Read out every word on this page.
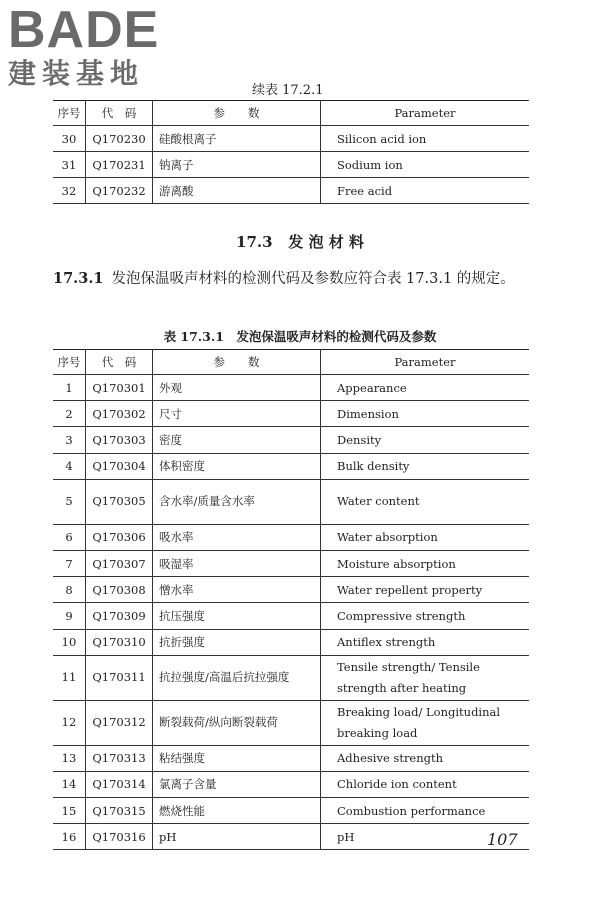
BADE
建装基地
续表 17.2.1
序号	代　码	参　　数	Parameter
30	Q170230	硅酸根离子	Silicon acid ion
31	Q170231	钠离子	Sodium ion
32	Q170232	游离酸	Free acid
17.3 发 泡 材 料
17.3.1 发泡保温吸声材料的检测代码及参数应符合表 17.3.1 的规定。
表 17.3.1　发泡保温吸声材料的检测代码及参数
序号	代　码	参　　数	Parameter
1	Q170301	外观	Appearance
2	Q170302	尺寸	Dimension
3	Q170303	密度	Density
4	Q170304	体积密度	Bulk density
5	Q170305	含水率/质量含水率	Water content
6	Q170306	吸水率	Water absorption
7	Q170307	吸湿率	Moisture absorption
8	Q170308	憎水率	Water repellent property
9	Q170309	抗压强度	Compressive strength
10	Q170310	抗折强度	Antiflex strength
11	Q170311	抗拉强度/高温后抗拉强度	Tensile strength/ Tensile strength after heating
12	Q170312	断裂载荷/纵向断裂载荷	Breaking load/ Longitudinal breaking load
13	Q170313	粘结强度	Adhesive strength
14	Q170314	氯离子含量	Chloride ion content
15	Q170315	燃烧性能	Combustion performance
16	Q170316	pH	pH	107
